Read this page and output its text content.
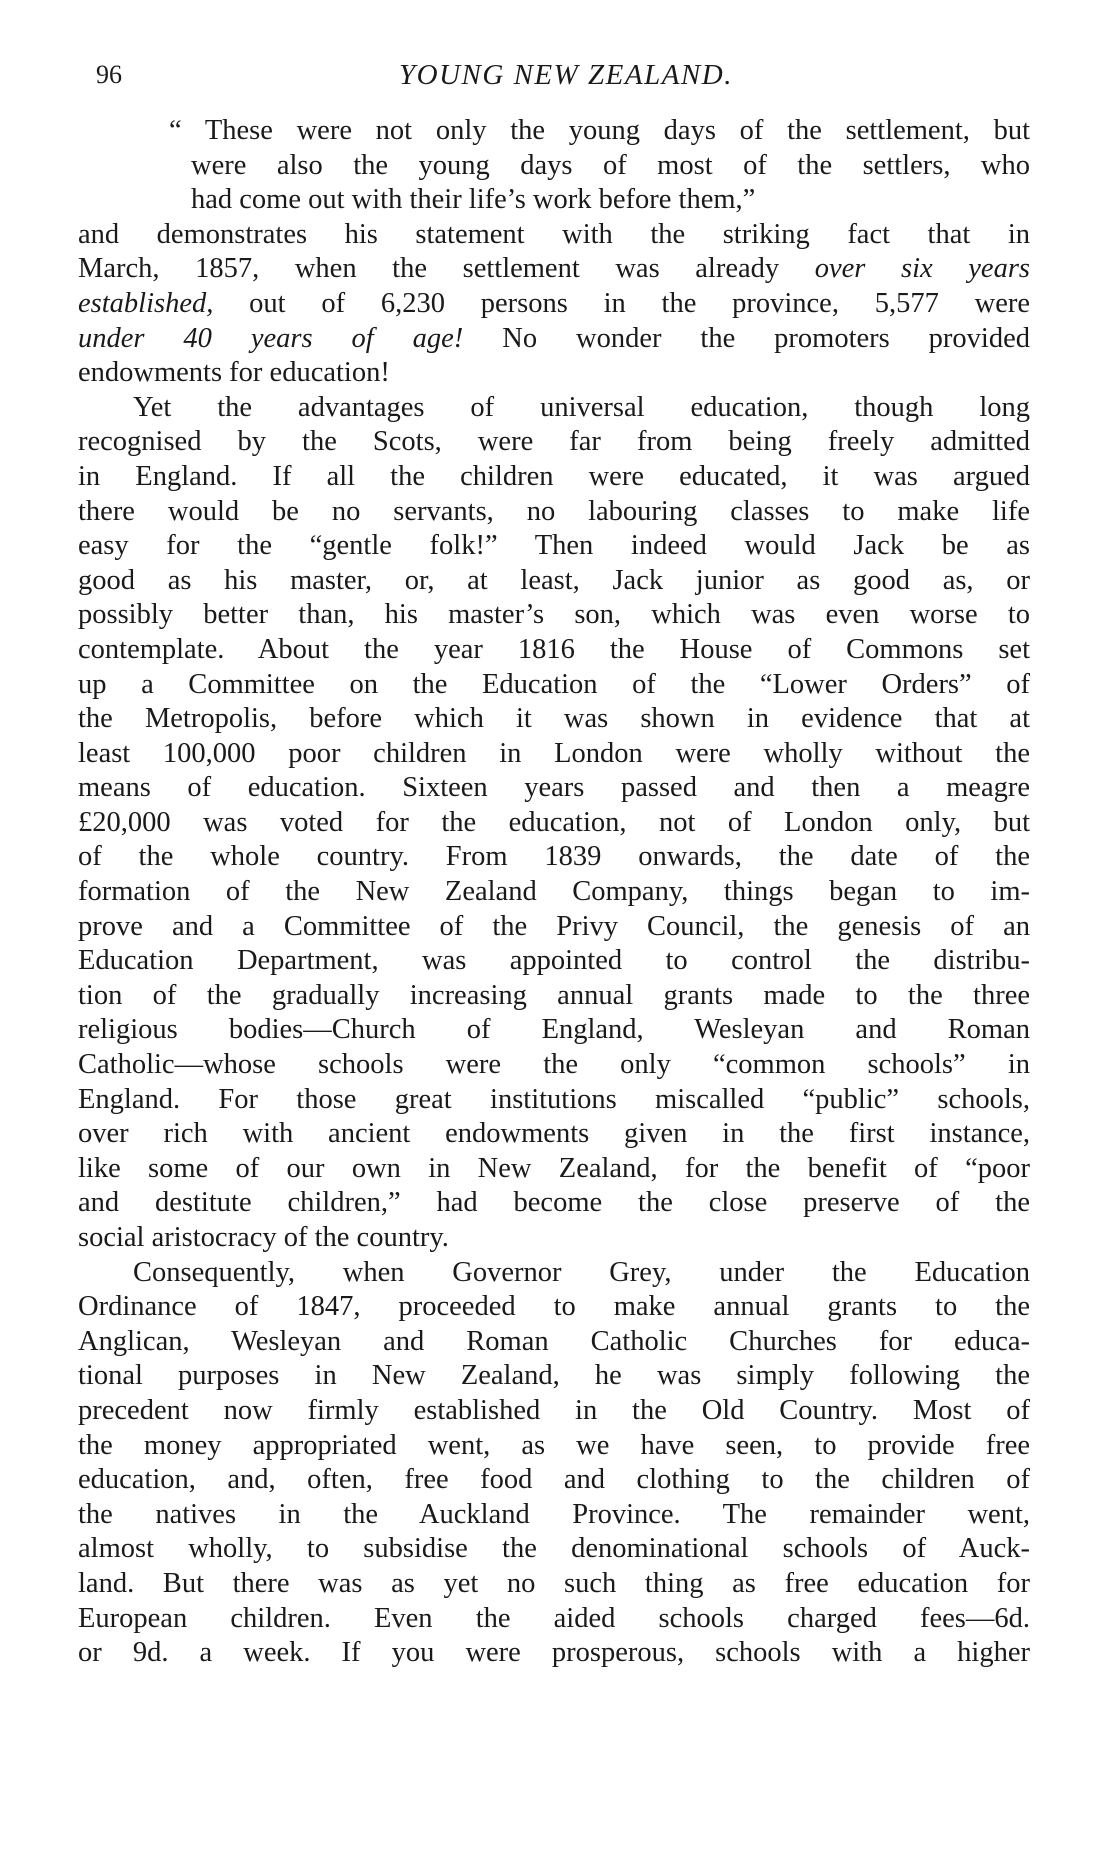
96	YOUNG NEW ZEALAND.
“ These were not only the young days of the settlement, but
were also the young days of most of the settlers, who
had come out with their life’s work before them,”
and demonstrates his statement with the striking fact that in
March, 1857, when the settlement was already over six years
established, out of 6,230 persons in the province, 5,577 were
under 40 years of age! No wonder the promoters provided
endowments for education!
Yet the advantages of universal education, though long
recognised by the Scots, were far from being freely admitted
in England. If all the children were educated, it was argued
there would be no servants, no labouring classes to make life
easy for the “gentle folk!” Then indeed would Jack be as
good as his master, or, at least, Jack junior as good as, or
possibly better than, his master’s son, which was even worse to
contemplate. About the year 1816 the House of Commons set
up a Committee on the Education of the “Lower Orders” of
the Metropolis, before which it was shown in evidence that at
least 100,000 poor children in London were wholly without the
means of education. Sixteen years passed and then a meagre
£20,000 was voted for the education, not of London only, but
of the whole country. From 1839 onwards, the date of the
formation of the New Zealand Company, things began to im-
prove and a Committee of the Privy Council, the genesis of an
Education Department, was appointed to control the distribu-
tion of the gradually increasing annual grants made to the three
religious bodies—Church of England, Wesleyan and Roman
Catholic—whose schools were the only “common schools” in
England. For those great institutions miscalled “public” schools,
over rich with ancient endowments given in the first instance,
like some of our own in New Zealand, for the benefit of “poor
and destitute children,” had become the close preserve of the
social aristocracy of the country.
Consequently, when Governor Grey, under the Education
Ordinance of 1847, proceeded to make annual grants to the
Anglican, Wesleyan and Roman Catholic Churches for educa-
tional purposes in New Zealand, he was simply following the
precedent now firmly established in the Old Country. Most of
the money appropriated went, as we have seen, to provide free
education, and, often, free food and clothing to the children of
the natives in the Auckland Province. The remainder went,
almost wholly, to subsidise the denominational schools of Auck-
land. But there was as yet no such thing as free education for
European children. Even the aided schools charged fees—6d.
or 9d. a week. If you were prosperous, schools with a higher
